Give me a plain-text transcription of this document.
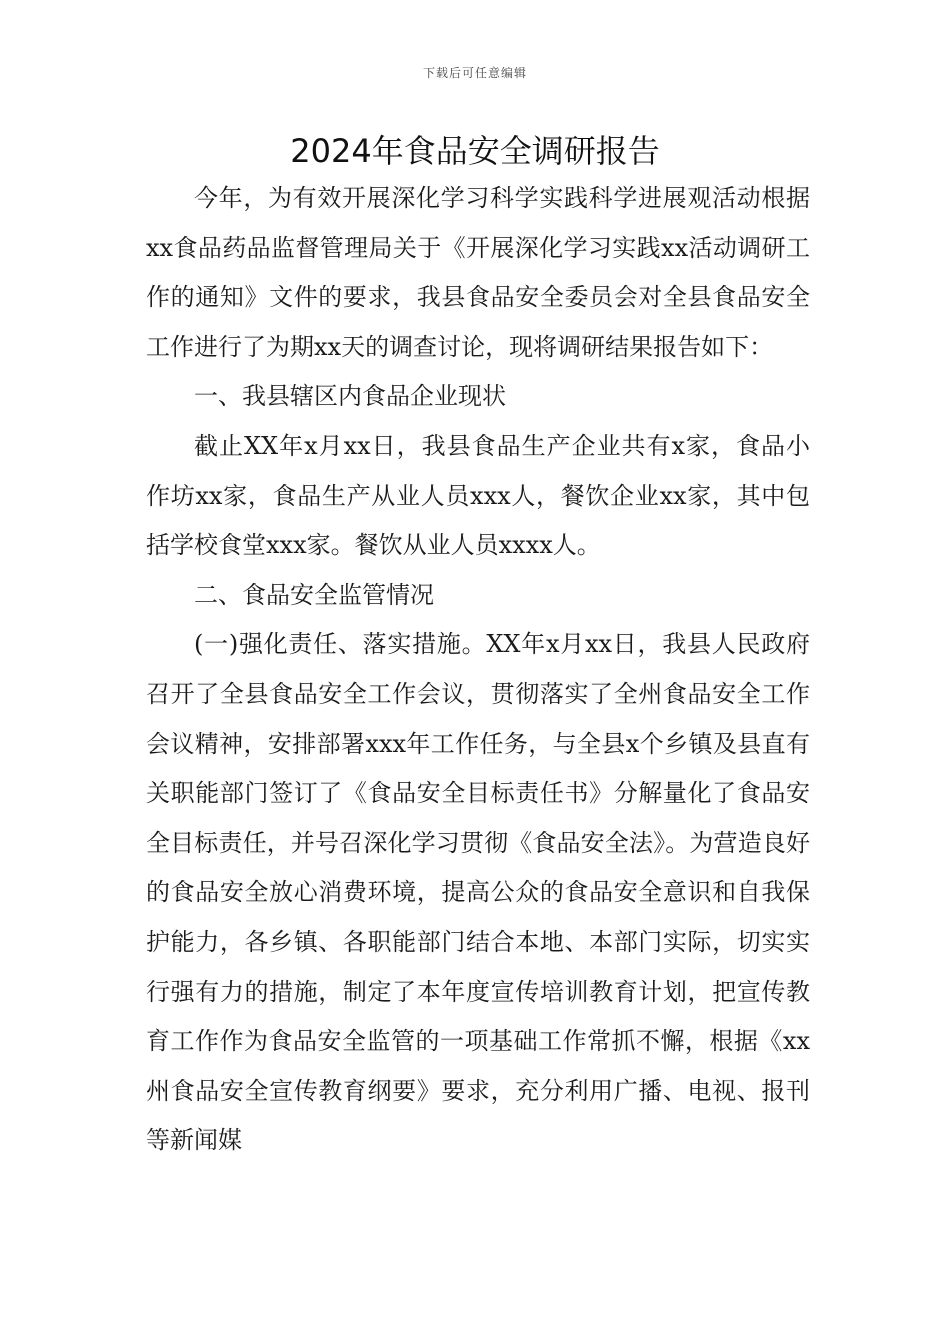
下载后可任意编辑
2024年食品安全调研报告

今年，为有效开展深化学习科学实践科学进展观活动根据xx食品药品监督管理局关于《开展深化学习实践xx活动调研工作的通知》文件的要求，我县食品安全委员会对全县食品安全工作进行了为期xx天的调查讨论，现将调研结果报告如下：

一、我县辖区内食品企业现状

截止XX年x月xx日，我县食品生产企业共有x家，食品小作坊xx家，食品生产从业人员xxx人，餐饮企业xx家，其中包括学校食堂xxx家。餐饮从业人员xxxx人。

二、食品安全监管情况

(一)强化责任、落实措施。XX年x月xx日，我县人民政府召开了全县食品安全工作会议，贯彻落实了全州食品安全工作会议精神，安排部署xxx年工作任务，与全县x个乡镇及县直有关职能部门签订了《食品安全目标责任书》分解量化了食品安全目标责任，并号召深化学习贯彻《食品安全法》。为营造良好的食品安全放心消费环境，提高公众的食品安全意识和自我保护能力，各乡镇、各职能部门结合本地、本部门实际，切实实行强有力的措施，制定了本年度宣传培训教育计划，把宣传教育工作作为食品安全监管的一项基础工作常抓不懈，根据《xx州食品安全宣传教育纲要》要求，充分利用广播、电视、报刊等新闻媒
